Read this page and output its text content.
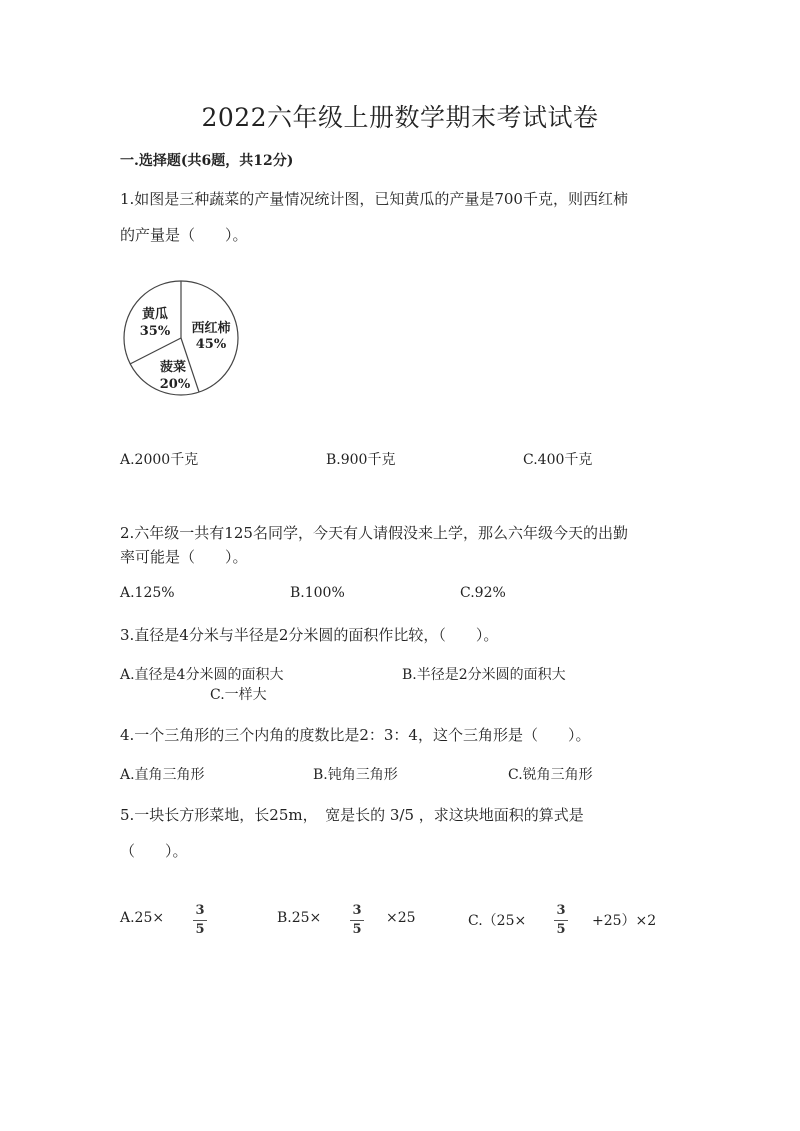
2022六年级上册数学期末考试试卷
一.选择题(共6题，共12分)
1.如图是三种蔬菜的产量情况统计图，已知黄瓜的产量是700千克，则西红柿
的产量是（　　）。
西红柿
45%
菠菜
20%
黄瓜
35%
A.2000千克	B.900千克	C.400千克
2.六年级一共有125名同学，今天有人请假没来上学，那么六年级今天的出勤
率可能是（　　）。
A.125%	B.100%	C.92%
3.直径是4分米与半径是2分米圆的面积作比较，（　　）。
A.直径是4分米圆的面积大	B.半径是2分米圆的面积大
C.一样大
4.一个三角形的三个内角的度数比是2：3：4，这个三角形是（　　）。
A.直角三角形	B.钝角三角形	C.锐角三角形
5.一块长方形菜地，长25m，　宽是长的 3/5 ，求这块地面积的算式是
（　　）。
A.25× 3
5
B.25× 3
5
×25	C.（25×
3
5
+25）×2
